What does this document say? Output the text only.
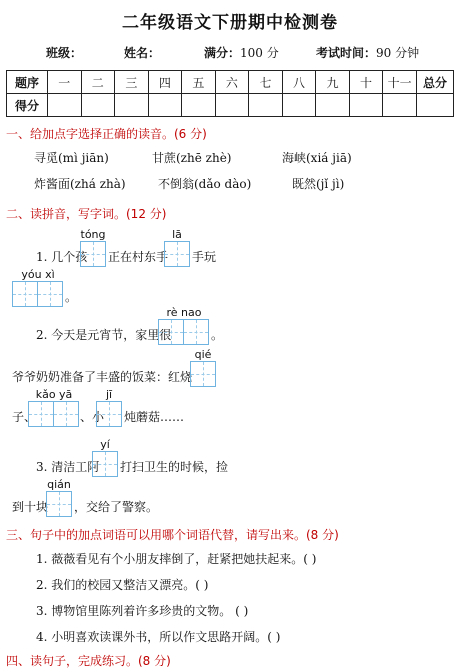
二年级语文下册期中检测卷
班级：	姓名：	满分：100 分	考试时间：90 分钟
题序	一	二	三	四	五	六	七	八	九	十	十一	总分
得分												
一、给加点字选择正确的读音。(6 分)
寻觅(mì jiān)	甘蔗(zhē zhè)	海峡(xiá jiā)
炸酱面(zhá zhà)	不倒翁(dǎo dào)	既然(jǐ jì)
二、读拼音，写字词。(12 分)
tóng	lā
1. 几个孩 正在村东手 手玩
yóu xì
。
rè nao
2. 今天是元宵节，家里很	。
qié
爷爷奶奶准备了丰盛的饭菜：红烧
kǎo yā	jī
子、	、小 炖蘑菇……
yí
3. 清洁工阿 打扫卫生的时候，捡
qián
到十块 ，交给了警察。
三、句子中的加点词语可以用哪个词语代替，请写出来。(8 分)
1. 薇薇看见有个小朋友摔倒了，赶紧把她扶起来。( )
2. 我们的校园又整洁又漂亮。( )
3. 博物馆里陈列着许多珍贵的文物。 ( )
4. 小明喜欢读课外书，所以作文思路开阔。( )
四、读句子，完成练习。(8 分)
